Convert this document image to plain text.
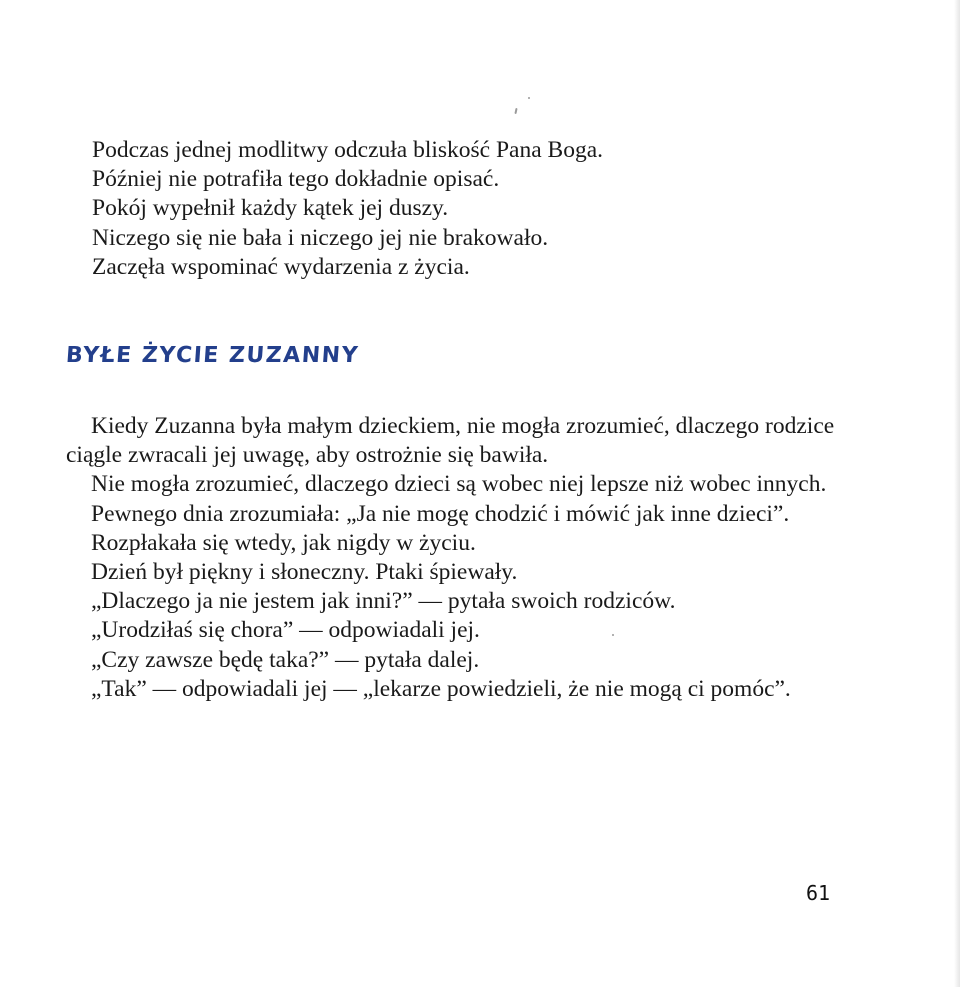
Podczas jednej modlitwy odczuła bliskość Pana Boga.
Później nie potrafiła tego dokładnie opisać.
Pokój wypełnił każdy kątek jej duszy.
Niczego się nie bała i niczego jej nie brakowało.
Zaczęła wspominać wydarzenia z życia.
BYŁE ŻYCIE ZUZANNY
Kiedy Zuzanna była małym dzieckiem, nie mogła zrozumieć, dlaczego rodzice ciągle zwracali jej uwagę, aby ostrożnie się bawiła.
Nie mogła zrozumieć, dlaczego dzieci są wobec niej lepsze niż wobec innych.
Pewnego dnia zrozumiała: „Ja nie mogę chodzić i mówić jak inne dzieci”.
Rozpłakała się wtedy, jak nigdy w życiu.
Dzień był piękny i słoneczny. Ptaki śpiewały.
„Dlaczego ja nie jestem jak inni?” — pytała swoich rodziców.
„Urodziłaś się chora” — odpowiadali jej.
„Czy zawsze będę taka?” — pytała dalej.
„Tak” — odpowiadali jej — „lekarze powiedzieli, że nie mogą ci pomóc”.
61
